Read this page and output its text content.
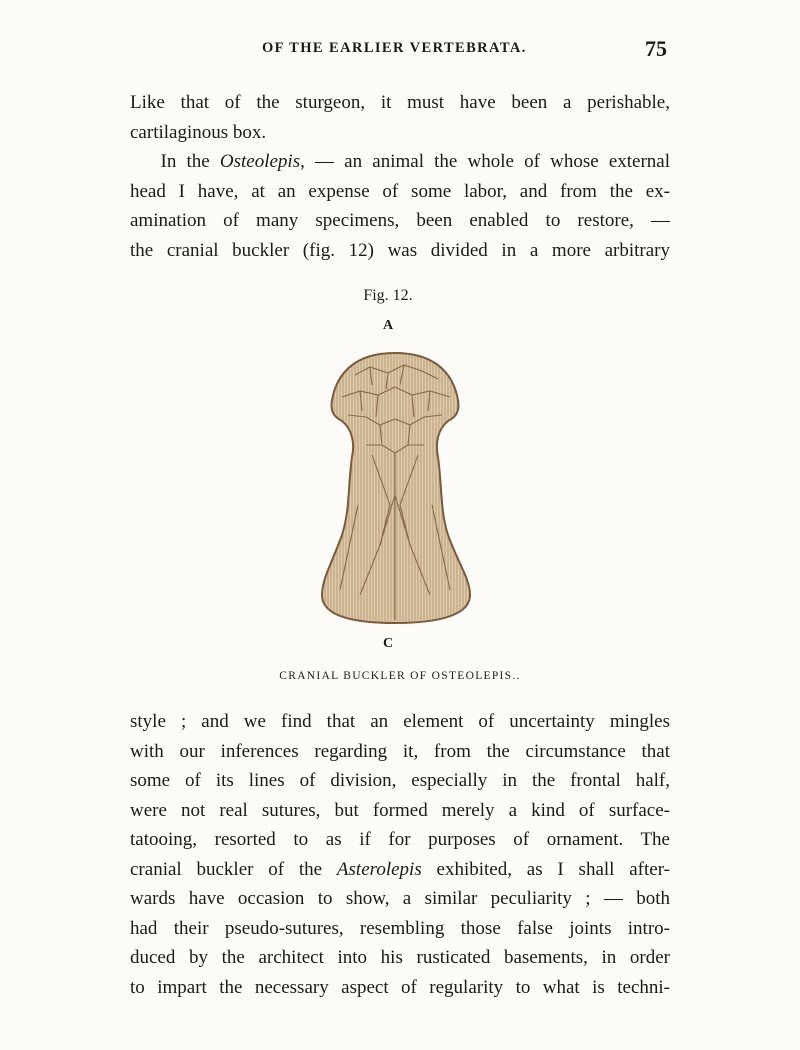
OF THE EARLIER VERTEBRATA.	75

Like that of the sturgeon, it must have been a perishable,
cartilaginous box.

In the Osteolepis, — an animal the whole of whose external
head I have, at an expense of some labor, and from the ex-
amination of many specimens, been enabled to restore, —
the cranial buckler (fig. 12) was divided in a more arbitrary

Fig. 12.
A
C
CRANIAL BUCKLER OF OSTEOLEPIS..

style ; and we find that an element of uncertainty mingles
with our inferences regarding it, from the circumstance that
some of its lines of division, especially in the frontal half,
were not real sutures, but formed merely a kind of surface-
tatooing, resorted to as if for purposes of ornament. The
cranial buckler of the Asterolepis exhibited, as I shall after-
wards have occasion to show, a similar peculiarity ; — both
had their pseudo-sutures, resembling those false joints intro-
duced by the architect into his rusticated basements, in order
to impart the necessary aspect of regularity to what is techni-
